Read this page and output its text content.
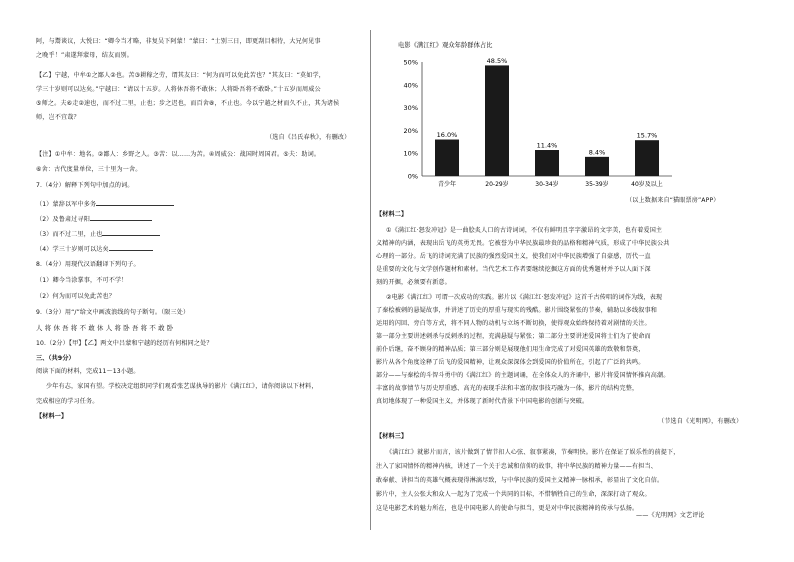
阿，与鬻谈议，大悦曰：“卿今当才略，非复吴下阿蒙！”蒙曰：“士别三日，即更刮目相待，大兄何见事
之晚乎！”肃遂拜蒙母，结友而别。
【乙】宁越，中牟①之鄙人②也。苦③耕稼之劳，谓其友曰：“何为而可以免此苦也？”其友曰：“莫如学，
学三十岁则可以达矣。”宁越曰：“请以十五岁。人将休吾将不敢休；人将卧吾将不敢卧。”十五岁而周威公
⑤师之。夫⑥走②速也，而不过二里，止也；步之迟也，而百舍⑧，不止也。今以宁越之材而久不止，其为诸侯
师，岂不宜哉？
（选自《吕氏春秋》，有删改）
【注】①中牟：地名。②鄙人：乡野之人。③苦：以……为苦。④周威公：战国时周国君。⑤夫：助词。
⑥舍：古代度量单位，三十里为一舍。
7.（4分）解释下列句中加点的词。
（1）蒙辞以军中多务
（2）及鲁肃过寻阳
（3）而不过二里，止也
（4）学三十岁则可以达矣
8.（4分）用现代汉语翻译下列句子。
（1）卿今当涂掌事，不可不学！
（2）何为而可以免此苦也？
9.（3分）用“/”给文中画波浪线的句子断句。（限三处）
人 将 休 吾 将 不 敢 休 人 将 卧 吾 将 不 敢 卧
10.（2分）【甲】【乙】两文中吕蒙和宁越的经历有何相同之处？
三、（共9分）
阅读下面的材料，完成11～13小题。
少年有志，家国有望。学校决定组织同学们观看张艺谋执导的影片《满江红》，请你阅读以下材料，
完成相应的学习任务。
【材料一】
电影《满江红》观众年龄群体占比
0%
10%
20%
30%
40%
50%
16.0%
48.5%
11.4%
8.4%
15.7%
青少年	20-29岁	30-34岁	35-39岁	40岁及以上
（以上数据来自“猫眼票房”APP）
【材料二】
①《满江红·怒发冲冠》是一曲脍炙人口的古诗词词，不仅有鲜明且字字激昂的文字美，也有着爱国主
义精神的内涵，表现出岳飞的英勇无畏。它被誉为中华民族最珍贵的品格和精神气质，形成了中华民族公共
心理的一部分。岳飞的诗词充满了民族的强烈爱国主义，使我们对中华民族增强了自豪感，历代一直
是重要的文化与文学创作题材和素材。当代艺术工作者要继续挖掘这方面的优秀题材并予以人面下深
刻的开掘，必须要有新意。
②电影《满江红》可谓一次成功的实践。影片以《满江红·怒发冲冠》这首千古传唱的词作为线，表现
了秦桧被刺的悬疑故事，并讲述了历史的厚重与现实的残酷。影片围绕紧张的节奏，辅助以多线叙事和
运用的闪回、旁白等方式，将不同人物的动机与立场不断切换，使得观众始终保持着对剧情的关注。
第一部分主要讲述刺杀与反刺杀的过程，充满悬疑与紧张；第二部分主要讲述爱国将士们为了使命而
前仆后继，奋不顾身的精神品质；第三部分则是展现他们用生命完成了对爱国英雄的致敬和祭奠，
影片从各个角度诠释了岳飞的爱国精神，让观众深深体会到爱国的价值所在，引起了广泛的共鸣。
部分——与秦桧的斗智斗勇中的《满江红》的主题词诵，在全体众人的齐诵中，影片将爱国情怀推向高潮。
丰富的故事情节与历史厚重感、高光的表现手法和丰富的叙事技巧融为一体，影片的结构完整，
真切地体现了一种爱国主义，并体现了新时代背景下中国电影的创新与突破。
（节选自《光明网》，有删改）
【材料三】
《满江红》就影片而言，该片做到了情节扣人心弦、叙事紧凑，节奏明快。影片在保证了娱乐性的前提下，
注入了家国情怀的精神内核，讲述了一个关于忠诚和信仰的故事，将中华民族的精神力量——有担当、
敢奉献、讲担当的英雄气概表现得淋漓尽致，与中华民族的爱国主义精神一脉相承，彰显出了文化自信。
影片中，主人公张大和众人一起为了完成一个共同的目标，不惜牺牲自己的生命，深深打动了观众。
这是电影艺术的魅力所在，也是中国电影人的使命与担当，更是对中华民族精神的传承与弘扬。
——《光明网》文艺评论
